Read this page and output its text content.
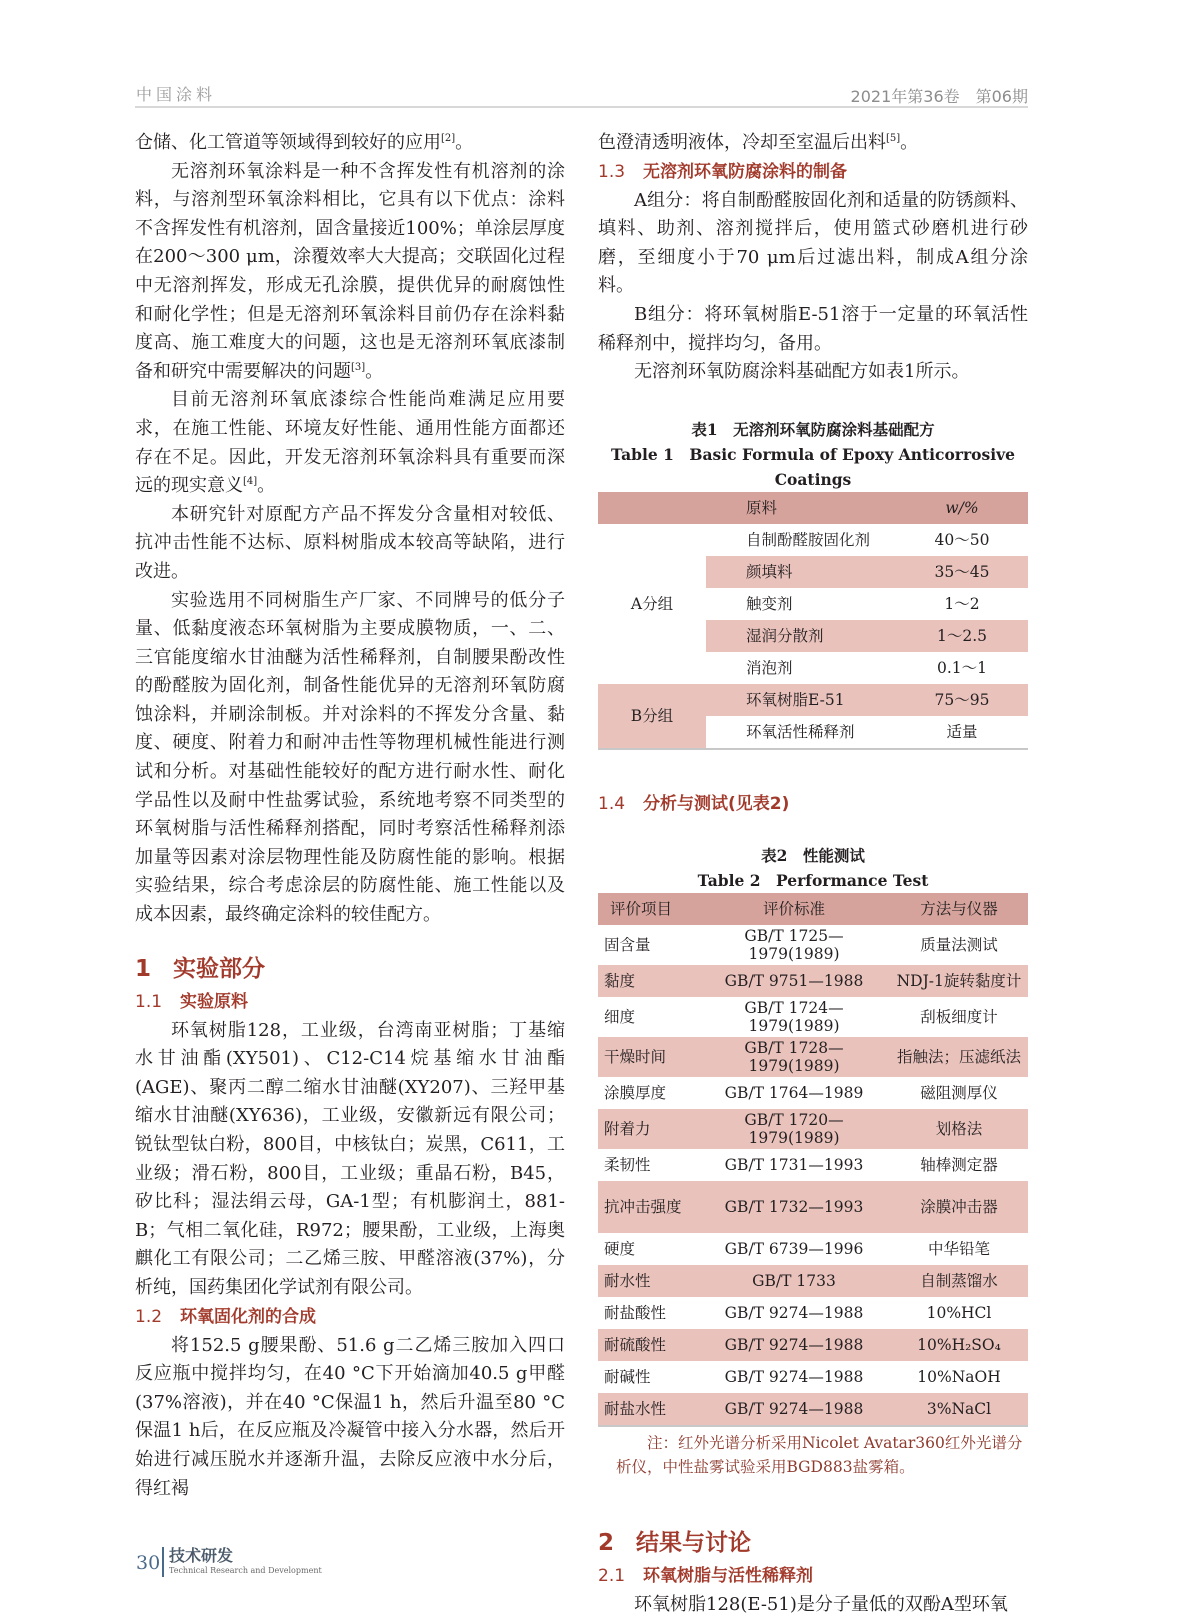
中国涂料	2021年第36卷　第06期

仓储、化工管道等领域得到较好的应用[2]。

无溶剂环氧涂料是一种不含挥发性有机溶剂的涂料，与溶剂型环氧涂料相比，它具有以下优点：涂料不含挥发性有机溶剂，固含量接近100%；单涂层厚度在200～300 μm，涂覆效率大大提高；交联固化过程中无溶剂挥发，形成无孔涂膜，提供优异的耐腐蚀性和耐化学性；但是无溶剂环氧涂料目前仍存在涂料黏度高、施工难度大的问题，这也是无溶剂环氧底漆制备和研究中需要解决的问题[3]。

目前无溶剂环氧底漆综合性能尚难满足应用要求，在施工性能、环境友好性能、通用性能方面都还存在不足。因此，开发无溶剂环氧涂料具有重要而深远的现实意义[4]。

本研究针对原配方产品不挥发分含量相对较低、抗冲击性能不达标、原料树脂成本较高等缺陷，进行改进。

实验选用不同树脂生产厂家、不同牌号的低分子量、低黏度液态环氧树脂为主要成膜物质，一、二、三官能度缩水甘油醚为活性稀释剂，自制腰果酚改性的酚醛胺为固化剂，制备性能优异的无溶剂环氧防腐蚀涂料，并刷涂制板。并对涂料的不挥发分含量、黏度、硬度、附着力和耐冲击性等物理机械性能进行测试和分析。对基础性能较好的配方进行耐水性、耐化学品性以及耐中性盐雾试验，系统地考察不同类型的环氧树脂与活性稀释剂搭配，同时考察活性稀释剂添加量等因素对涂层物理性能及防腐性能的影响。根据实验结果，综合考虑涂层的防腐性能、施工性能以及成本因素，最终确定涂料的较佳配方。

1 实验部分
1.1 实验原料

环氧树脂128，工业级，台湾南亚树脂；丁基缩水甘油酯(XY501)、C12-C14烷基缩水甘油酯(AGE)、聚丙二醇二缩水甘油醚(XY207)、三羟甲基缩水甘油醚(XY636)，工业级，安徽新远有限公司；锐钛型钛白粉，800目，中核钛白；炭黑，C611，工业级；滑石粉，800目，工业级；重晶石粉，B45，矽比科；湿法绢云母，GA-1型；有机膨润土，881-B；气相二氧化硅，R972；腰果酚，工业级，上海奥麒化工有限公司；二乙烯三胺、甲醛溶液(37%)，分析纯，国药集团化学试剂有限公司。

1.2 环氧固化剂的合成

将152.5 g腰果酚、51.6 g二乙烯三胺加入四口反应瓶中搅拌均匀，在40 °C下开始滴加40.5 g甲醛(37%溶液)，并在40 °C保温1 h，然后升温至80 °C保温1 h后，在反应瓶及冷凝管中接入分水器，然后开始进行减压脱水并逐渐升温，去除反应液中水分后，得红褐

30 技术研发
Technical Research and Development

色澄清透明液体，冷却至室温后出料[5]。

1.3 无溶剂环氧防腐涂料的制备

A组分：将自制酚醛胺固化剂和适量的防锈颜料、填料、助剂、溶剂搅拌后，使用篮式砂磨机进行砂磨，至细度小于70 μm后过滤出料，制成A组分涂料。

B组分：将环氧树脂E-51溶于一定量的环氧活性稀释剂中，搅拌均匀，备用。

无溶剂环氧防腐涂料基础配方如表1所示。

表1　无溶剂环氧防腐涂料基础配方
Table 1　Basic Formula of Epoxy Anticorrosive Coatings
	原料	w/%
A分组	自制酚醛胺固化剂	40～50
	颜填料	35～45
	触变剂	1～2
	湿润分散剂	1～2.5
	消泡剂	0.1～1
B分组	环氧树脂E-51	75～95
	环氧活性稀释剂	适量
1.4 分析与测试(见表2)
表2　性能测试
Table 2　Performance Test
评价项目	评价标准	方法与仪器
固含量	GB/T 1725—1979(1989)	质量法测试
黏度	GB/T 9751—1988	NDJ-1旋转黏度计
细度	GB/T 1724—1979(1989)	刮板细度计
干燥时间	GB/T 1728—1979(1989)	指触法；压滤纸法
涂膜厚度	GB/T 1764—1989	磁阻测厚仪
附着力	GB/T 1720—1979(1989)	划格法
柔韧性	GB/T 1731—1993	轴棒测定器
抗冲击强度	GB/T 1732—1993	涂膜冲击器
硬度	GB/T 6739—1996	中华铅笔
耐水性	GB/T 1733	自制蒸馏水
耐盐酸性	GB/T 9274—1988	10%HCl
耐硫酸性	GB/T 9274—1988	10%H₂SO₄
耐碱性	GB/T 9274—1988	10%NaOH
耐盐水性	GB/T 9274—1988	3%NaCl
注：红外光谱分析采用Nicolet Avatar360红外光谱分析仪，中性盐雾试验采用BGD883盐雾箱。
2 结果与讨论
2.1 环氧树脂与活性稀释剂

环氧树脂128(E-51)是分子量低的双酚A型环氧
